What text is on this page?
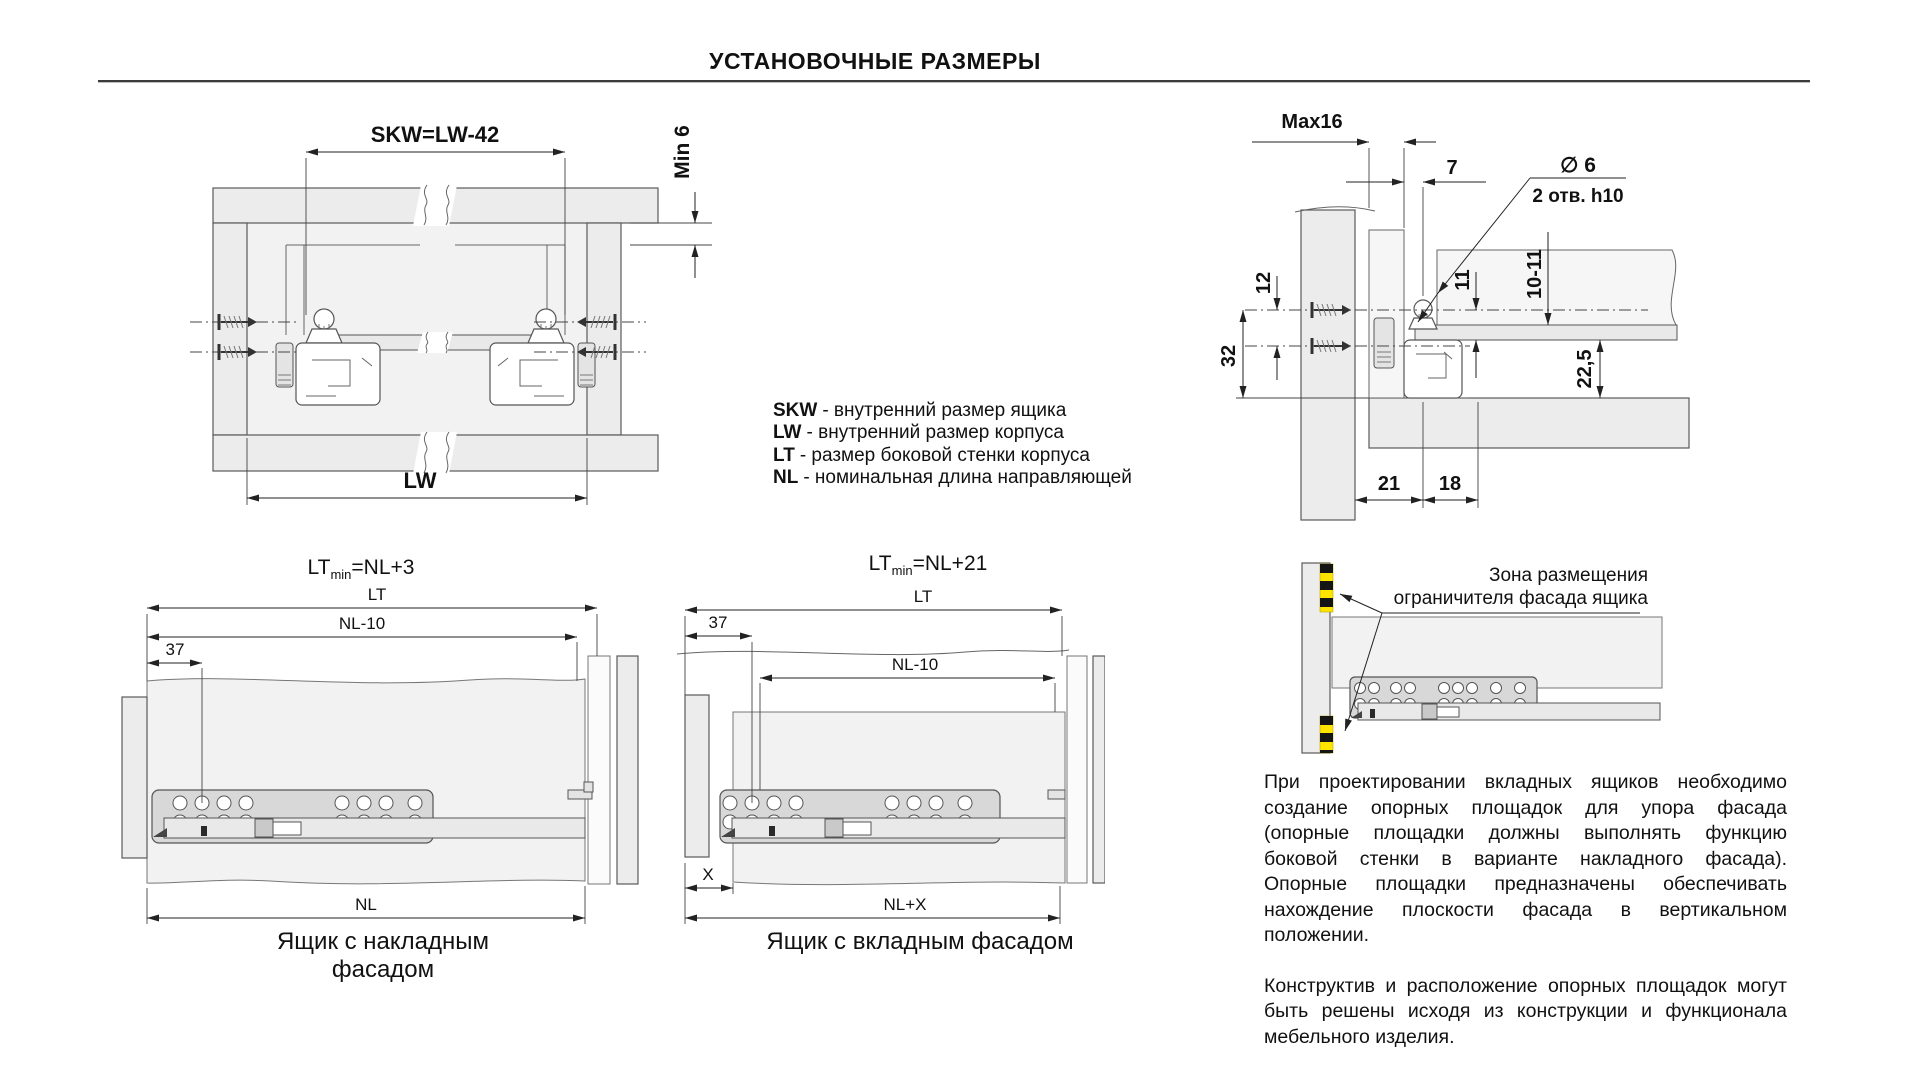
УСТАНОВОЧНЫЕ РАЗМЕРЫ
SKW=LW-42	Min 6
LW
Max16
7	∅ 6
2 отв. h10
12
32
11	10-11
22,5
21 18
SKW - внутренний размер ящика
LW - внутренний размер корпуса
LT - размер боковой стенки корпуса
NL - номинальная длина направляющей
$LT_{min}=NL+3$
LT
NL-10
37
NL
Ящик с накладным фасадом
$LT_{min}=NL+21$
LT
37
NL-10
X
NL+X
Ящик с вкладным фасадом
Зона размещения
ограничителя фасада ящика

При проектировании вкладных ящиков необходимо создание опорных площадок для упора фасада (опорные площадки должны выполнять функцию боковой стенки в варианте накладного фасада). Опорные площадки предназначены обеспечивать нахождение плоскости фасада в вертикальном положении.

Конструктив и расположение опорных площадок могут быть решены исходя из конструкции и функционала мебельного изделия.
